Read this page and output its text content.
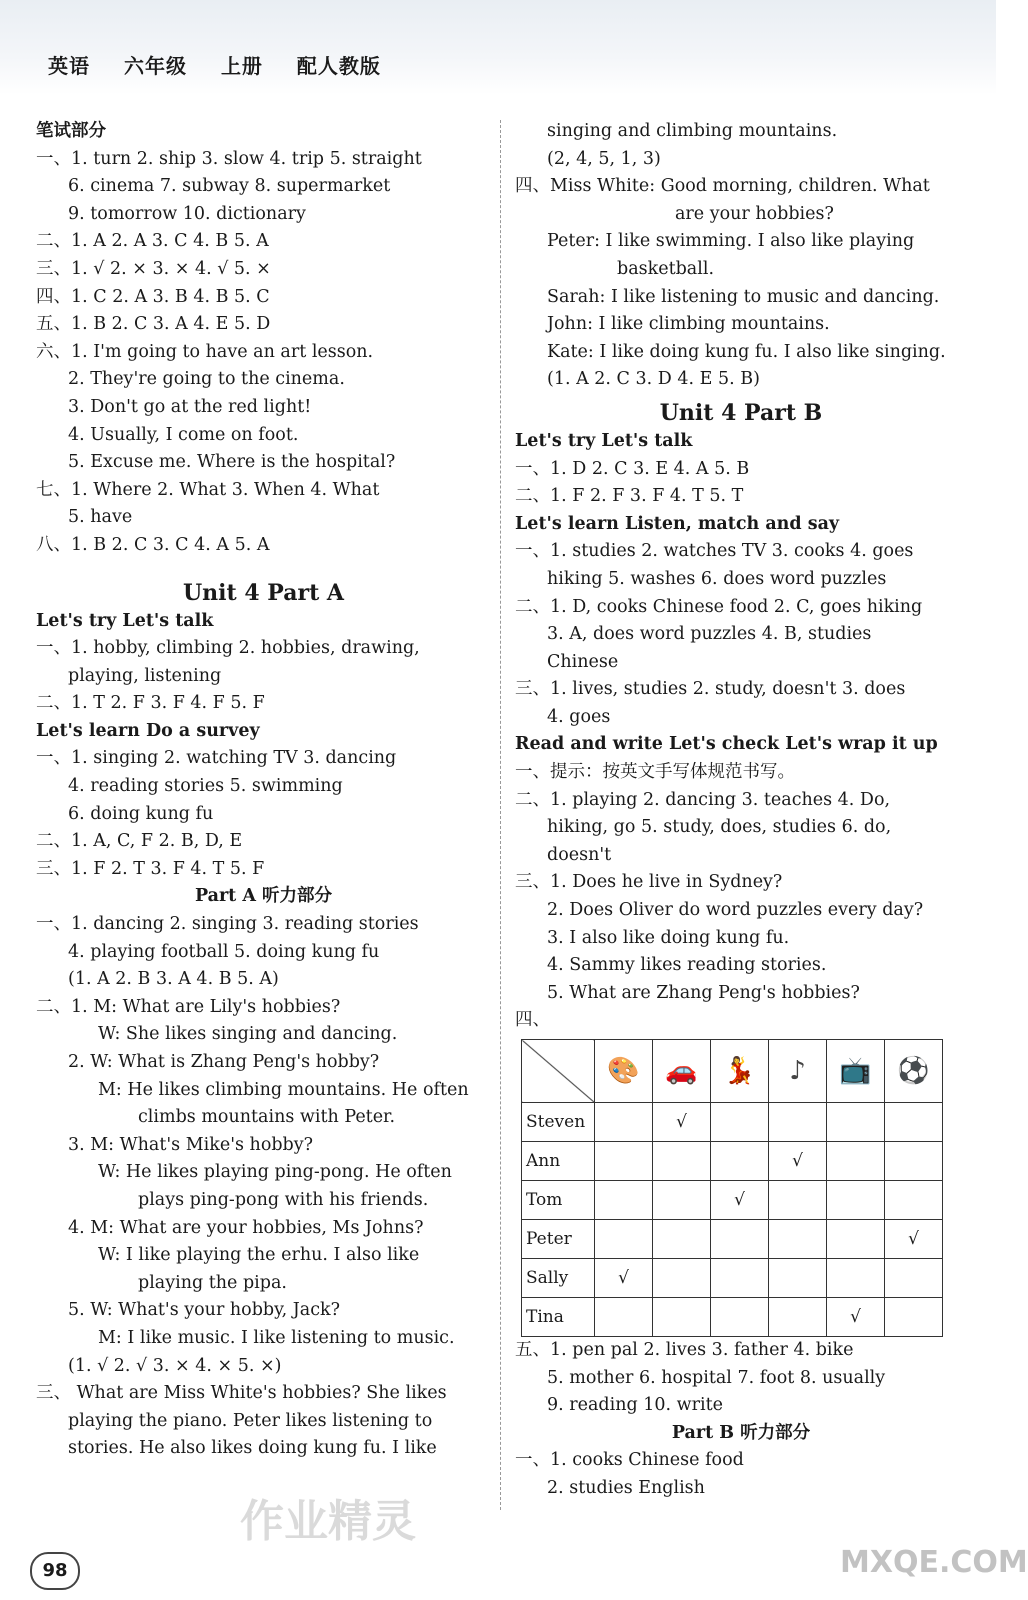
英语 六年级 上册 配人教版
笔试部分
一、1. turn 2. ship 3. slow 4. trip 5. straight
6. cinema 7. subway 8. supermarket
9. tomorrow 10. dictionary
二、1. A 2. A 3. C 4. B 5. A
三、1. √ 2. × 3. × 4. √ 5. ×
四、1. C 2. A 3. B 4. B 5. C
五、1. B 2. C 3. A 4. E 5. D
六、1. I'm going to have an art lesson.
2. They're going to the cinema.
3. Don't go at the red light!
4. Usually, I come on foot.
5. Excuse me. Where is the hospital?
七、1. Where 2. What 3. When 4. What
5. have
八、1. B 2. C 3. C 4. A 5. A
Unit 4 Part A
Let's try Let's talk
一、1. hobby, climbing 2. hobbies, drawing,
playing, listening
二、1. T 2. F 3. F 4. F 5. F
Let's learn Do a survey
一、1. singing 2. watching TV 3. dancing
4. reading stories 5. swimming
6. doing kung fu
二、1. A, C, F 2. B, D, E
三、1. F 2. T 3. F 4. T 5. F
Part A 听力部分
一、1. dancing 2. singing 3. reading stories
4. playing football 5. doing kung fu
(1. A 2. B 3. A 4. B 5. A)
二、1. M: What are Lily's hobbies?
W: She likes singing and dancing.
2. W: What is Zhang Peng's hobby?
M: He likes climbing mountains. He often
climbs mountains with Peter.
3. M: What's Mike's hobby?
W: He likes playing ping-pong. He often
plays ping-pong with his friends.
4. M: What are your hobbies, Ms Johns?
W: I like playing the erhu. I also like
playing the pipa.
5. W: What's your hobby, Jack?
M: I like music. I like listening to music.
(1. √ 2. √ 3. × 4. × 5. ×)
三、 What are Miss White's hobbies? She likes
playing the piano. Peter likes listening to
stories. He also likes doing kung fu. I like
singing and climbing mountains.
(2, 4, 5, 1, 3)
四、Miss White: Good morning, children. What
are your hobbies?
Peter: I like swimming. I also like playing
basketball.
Sarah: I like listening to music and dancing.
John: I like climbing mountains.
Kate: I like doing kung fu. I also like singing.
(1. A 2. C 3. D 4. E 5. B)
Unit 4 Part B
Let's try Let's talk
一、1. D 2. C 3. E 4. A 5. B
二、1. F 2. F 3. F 4. T 5. T
Let's learn Listen, match and say
一、1. studies 2. watches TV 3. cooks 4. goes
hiking 5. washes 6. does word puzzles
二、1. D, cooks Chinese food 2. C, goes hiking
3. A, does word puzzles 4. B, studies
Chinese
三、1. lives, studies 2. study, doesn't 3. does
4. goes
Read and write Let's check Let's wrap it up
一、提示：按英文手写体规范书写。
二、1. playing 2. dancing 3. teaches 4. Do,
hiking, go 5. study, does, studies 6. do,
doesn't
三、1. Does he live in Sydney?
2. Does Oliver do word puzzles every day?
3. I also like doing kung fu.
4. Sammy likes reading stories.
5. What are Zhang Peng's hobbies?
四、
	🎨	🚗	💃	♪	📺	⚽
Steven		√				
Ann				√		
Tom			√			
Peter						√
Sally	√					
Tina					√	
五、1. pen pal 2. lives 3. father 4. bike
5. mother 6. hospital 7. foot 8. usually
9. reading 10. write
Part B 听力部分
一、1. cooks Chinese food
2. studies English
98
作业精灵
MXQE.COM
